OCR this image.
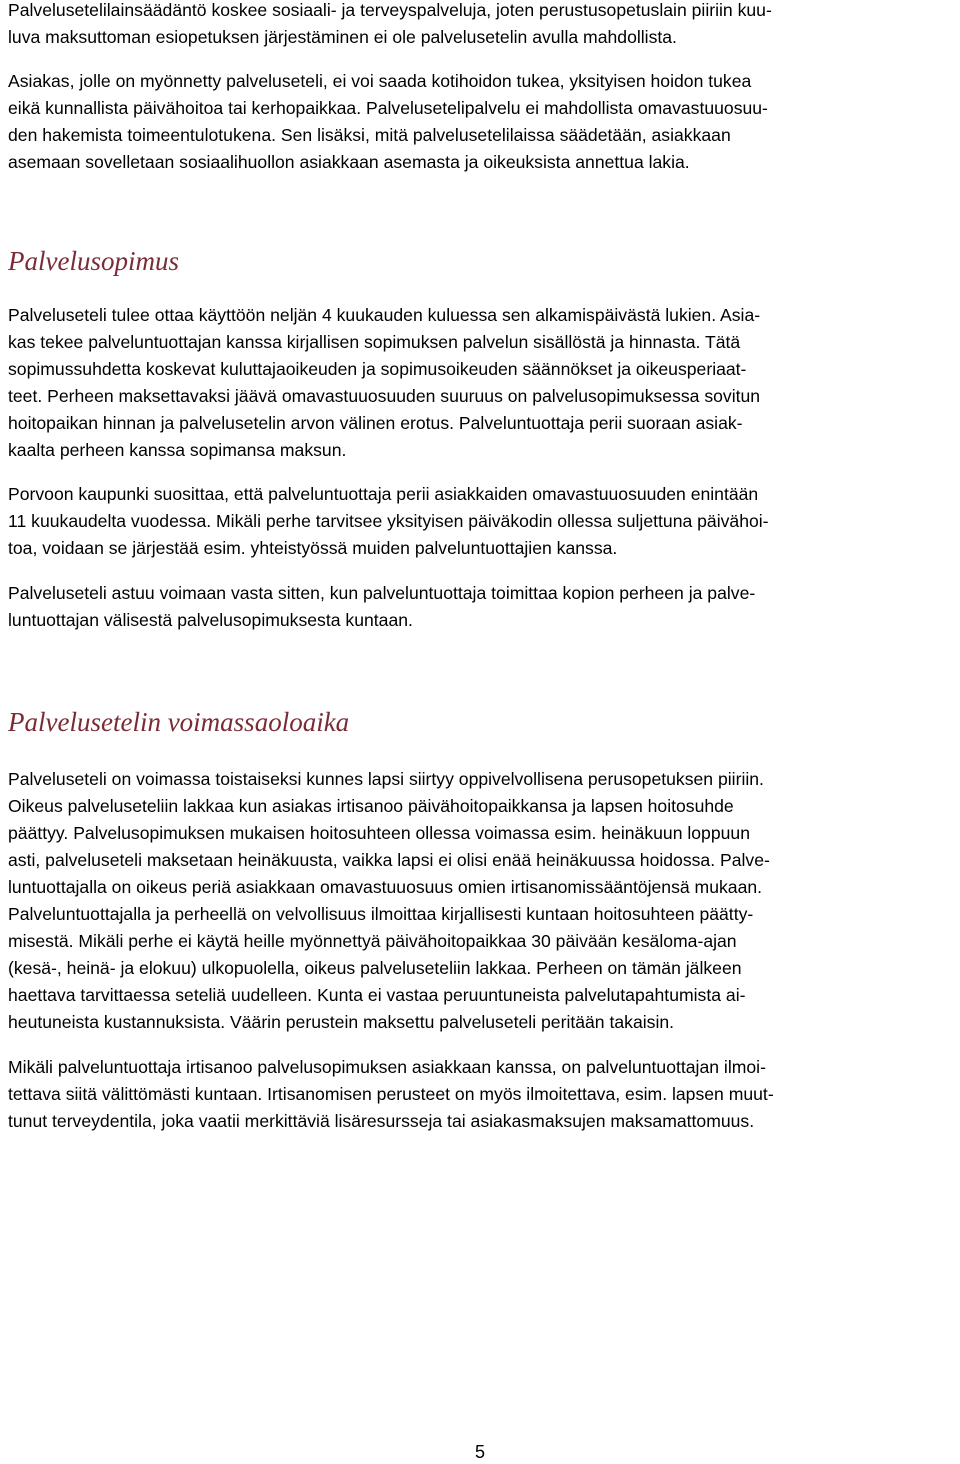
Palvelusetelilainsäädäntö koskee sosiaali- ja terveyspalveluja, joten perustusopetuslain piiriin kuu-
luva maksuttoman esiopetuksen järjestäminen ei ole palvelusetelin avulla mahdollista.
Asiakas, jolle on myönnetty palveluseteli, ei voi saada kotihoidon tukea, yksityisen hoidon tukea
eikä kunnallista päivähoitoa tai kerhopaikkaa. Palvelusetelipalvelu ei mahdollista omavastuuosuu-
den hakemista toimeentulotukena. Sen lisäksi, mitä palvelusetelilaissa säädetään, asiakkaan
asemaan sovelletaan sosiaalihuollon asiakkaan asemasta ja oikeuksista annettua lakia.
Palvelusopimus
Palveluseteli tulee ottaa käyttöön neljän 4 kuukauden kuluessa sen alkamispäivästä lukien. Asia-
kas tekee palveluntuottajan kanssa kirjallisen sopimuksen palvelun sisällöstä ja hinnasta. Tätä
sopimussuhdetta koskevat kuluttajaoikeuden ja sopimusoikeuden säännökset ja oikeusperiaat-
teet. Perheen maksettavaksi jäävä omavastuuosuuden suuruus on palvelusopimuksessa sovitun
hoitopaikan hinnan ja palvelusetelin arvon välinen erotus. Palveluntuottaja perii suoraan asiak-
kaalta perheen kanssa sopimansa maksun.
Porvoon kaupunki suosittaa, että palveluntuottaja perii asiakkaiden omavastuuosuuden enintään
11 kuukaudelta vuodessa. Mikäli perhe tarvitsee yksityisen päiväkodin ollessa suljettuna päivähoi-
toa, voidaan se järjestää esim. yhteistyössä muiden palveluntuottajien kanssa.
Palveluseteli astuu voimaan vasta sitten, kun palveluntuottaja toimittaa kopion perheen ja palve-
luntuottajan välisestä palvelusopimuksesta kuntaan.
Palvelusetelin voimassaoloaika
Palveluseteli on voimassa toistaiseksi kunnes lapsi siirtyy oppivelvollisena perusopetuksen piiriin.
Oikeus palveluseteliin lakkaa kun asiakas irtisanoo päivähoitopaikkansa ja lapsen hoitosuhde
päättyy. Palvelusopimuksen mukaisen hoitosuhteen ollessa voimassa esim. heinäkuun loppuun
asti, palveluseteli maksetaan heinäkuusta, vaikka lapsi ei olisi enää heinäkuussa hoidossa. Palve-
luntuottajalla on oikeus periä asiakkaan omavastuuosuus omien irtisanomissääntöjensä mukaan.
Palveluntuottajalla ja perheellä on velvollisuus ilmoittaa kirjallisesti kuntaan hoitosuhteen päätty-
misestä. Mikäli perhe ei käytä heille myönnettyä päivähoitopaikkaa 30 päivään kesäloma-ajan
(kesä-, heinä- ja elokuu) ulkopuolella, oikeus palveluseteliin lakkaa. Perheen on tämän jälkeen
haettava tarvittaessa seteliä uudelleen. Kunta ei vastaa peruuntuneista palvelutapahtumista ai-
heutuneista kustannuksista. Väärin perustein maksettu palveluseteli peritään takaisin.
Mikäli palveluntuottaja irtisanoo palvelusopimuksen asiakkaan kanssa, on palveluntuottajan ilmoi-
tettava siitä välittömästi kuntaan. Irtisanomisen perusteet on myös ilmoitettava, esim. lapsen muut-
tunut terveydentila, joka vaatii merkittäviä lisäresursseja tai asiakasmaksujen maksamattomuus.
5
